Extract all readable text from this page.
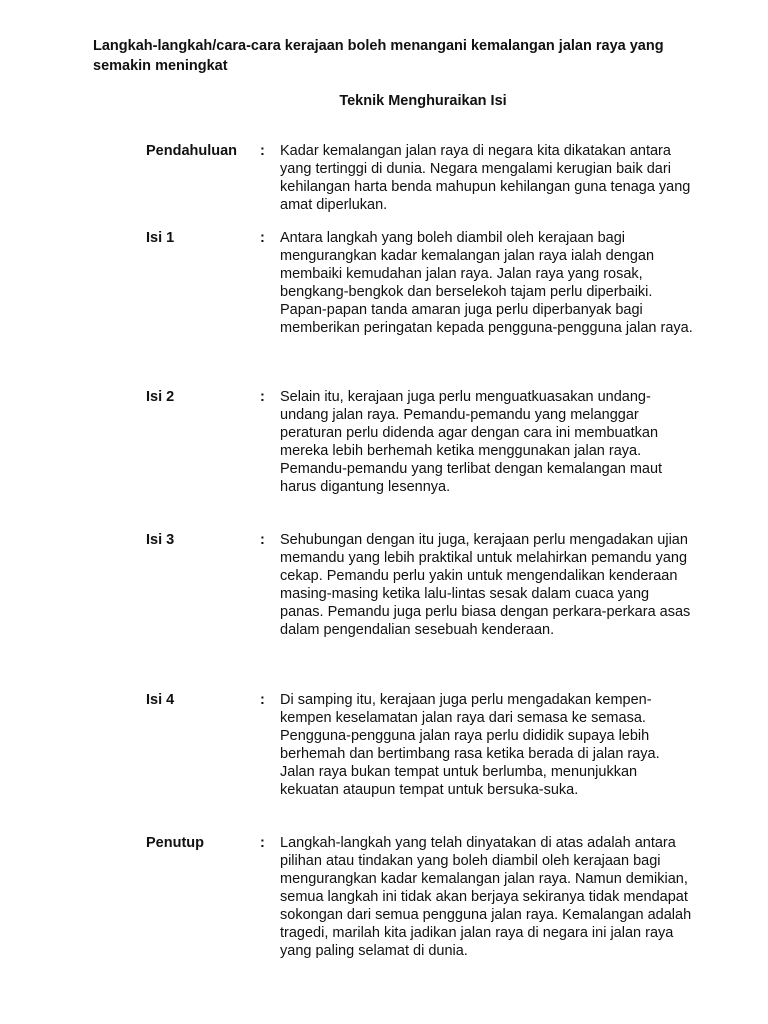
Langkah-langkah/cara-cara kerajaan boleh menangani kemalangan jalan raya yang semakin meningkat
Teknik Menghuraikan Isi
Pendahuluan : Kadar kemalangan jalan raya di negara kita dikatakan antara yang tertinggi di dunia. Negara mengalami kerugian baik dari kehilangan harta benda mahupun kehilangan guna tenaga yang amat diperlukan.

Isi 1	: Antara langkah yang boleh diambil oleh kerajaan bagi mengurangkan kadar kemalangan jalan raya ialah dengan membaiki kemudahan jalan raya. Jalan raya yang rosak, bengkang-bengkok dan berselekoh tajam perlu diperbaiki. Papan-papan tanda amaran juga perlu diperbanyak bagi memberikan peringatan kepada pengguna-pengguna jalan raya.

Isi 2	: Selain itu, kerajaan juga perlu menguatkuasakan undang-undang jalan raya. Pemandu-pemandu yang melanggar peraturan perlu didenda agar dengan cara ini membuatkan mereka lebih berhemah ketika menggunakan jalan raya. Pemandu-pemandu yang terlibat dengan kemalangan maut harus digantung lesennya.

Isi 3	: Sehubungan dengan itu juga, kerajaan perlu mengadakan ujian memandu yang lebih praktikal untuk melahirkan pemandu yang cekap. Pemandu perlu yakin untuk mengendalikan kenderaan masing-masing ketika lalu-lintas sesak dalam cuaca yang panas. Pemandu juga perlu biasa dengan perkara-perkara asas dalam pengendalian sesebuah kenderaan.

Isi 4	: Di samping itu, kerajaan juga perlu mengadakan kempen-kempen keselamatan jalan raya dari semasa ke semasa. Pengguna-pengguna jalan raya perlu dididik supaya lebih berhemah dan bertimbang rasa ketika berada di jalan raya. Jalan raya bukan tempat untuk berlumba, menunjukkan kekuatan ataupun tempat untuk bersuka-suka.

Penutup	: Langkah-langkah yang telah dinyatakan di atas adalah antara pilihan atau tindakan yang boleh diambil oleh kerajaan bagi mengurangkan kadar kemalangan jalan raya. Namun demikian, semua langkah ini tidak akan berjaya sekiranya tidak mendapat sokongan dari semua pengguna jalan raya. Kemalangan adalah tragedi, marilah kita jadikan jalan raya di negara ini jalan raya yang paling selamat di dunia.
